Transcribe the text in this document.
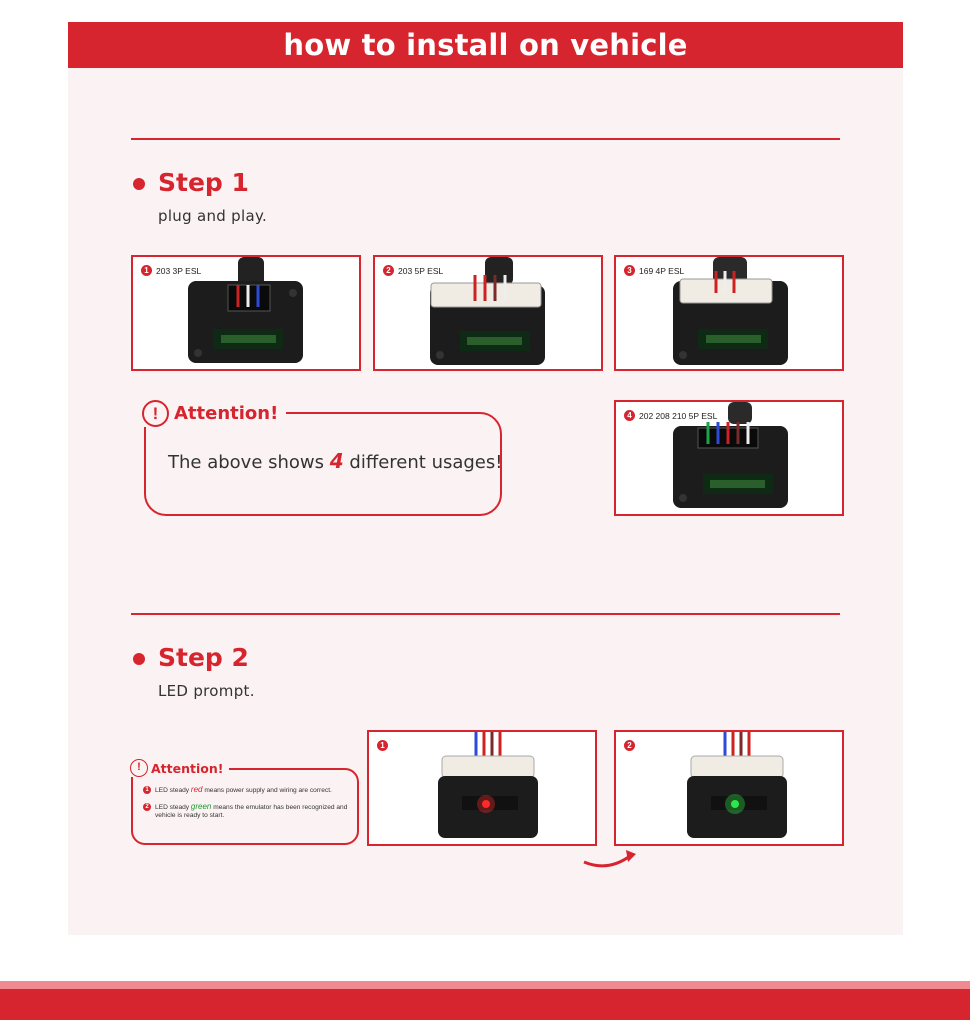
how to install on vehicle
Step 1
plug and play.
1 203 3P ESL	2 203 5P ESL	3 169 4P ESL
! Attention!
The above shows 4 different usages!
4 202 208 210 5P ESL
Step 2
LED prompt.
! Attention!
1 LED steady red means power supply and wiring are correct.
2 LED steady green means the emulator has been recognized and vehicle is ready to start.
1	2
